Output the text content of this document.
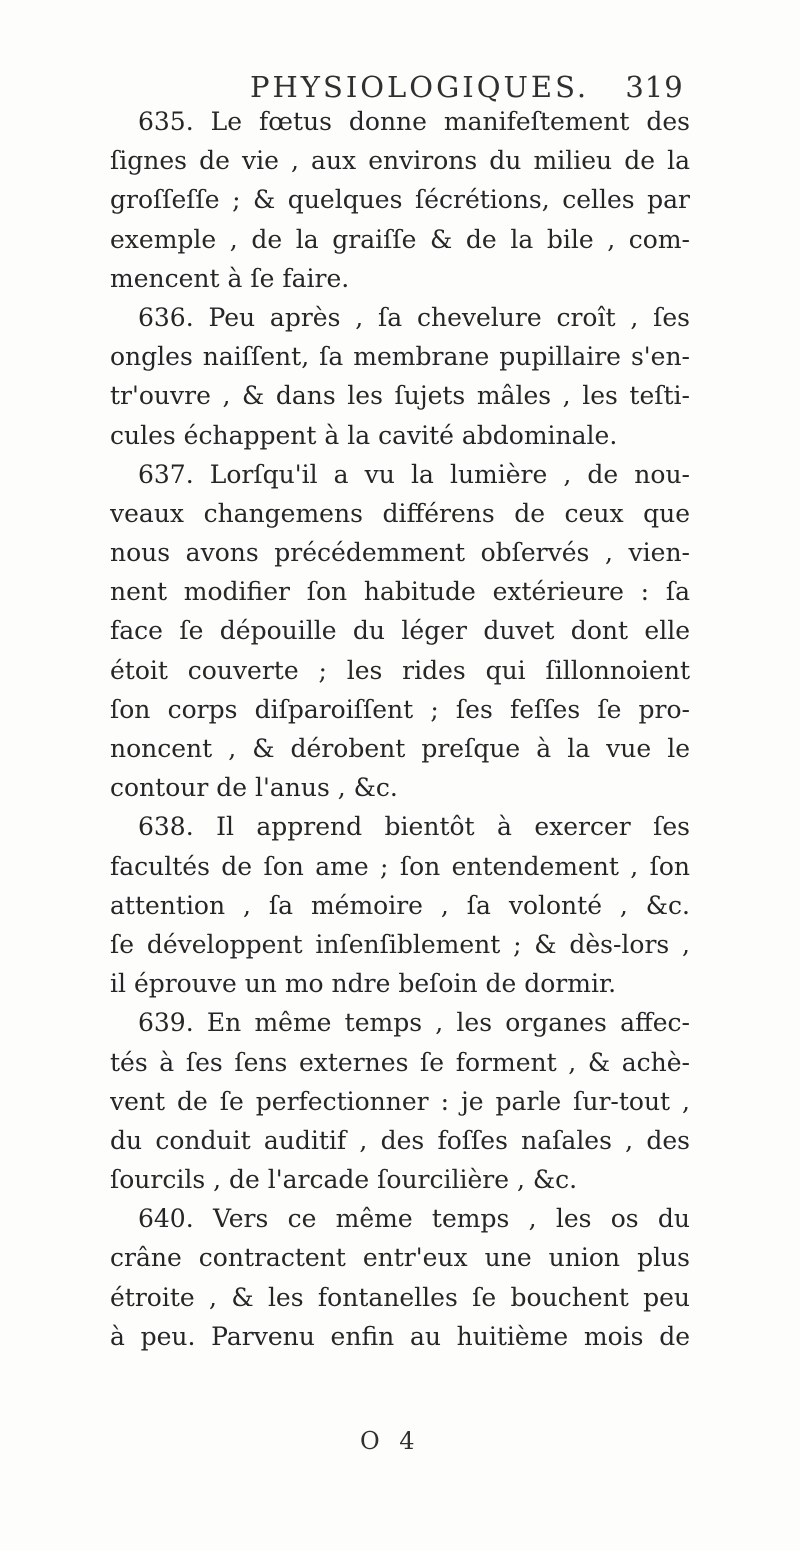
PHYSIOLOGIQUES. 319
635. Le fœtus donne manifeſtement des
ſignes de vie , aux environs du milieu de la
groſſeſſe ; & quelques ſécrétions, celles par
exemple , de la graiſſe & de la bile , com-
mencent à ſe faire.
636. Peu après , ſa chevelure croît , ſes
ongles naiſſent, ſa membrane pupillaire s'en-
tr'ouvre , & dans les ſujets mâles , les teſti-
cules échappent à la cavité abdominale.
637. Lorſqu'il a vu la lumière , de nou-
veaux changemens différens de ceux que
nous avons précédemment obſervés , vien-
nent modifier ſon habitude extérieure : ſa
face ſe dépouille du léger duvet dont elle
étoit couverte ; les rides qui ſillonnoient
ſon corps diſparoiſſent ; ſes feſſes ſe pro-
noncent , & dérobent preſque à la vue le
contour de l'anus , &c.
638. Il apprend bientôt à exercer ſes
facultés de ſon ame ; ſon entendement , ſon
attention , ſa mémoire , ſa volonté , &c.
ſe développent inſenſiblement ; & dès-lors ,
il éprouve un mo ndre beſoin de dormir.
639. En même temps , les organes affec-
tés à ſes ſens externes ſe forment , & achè-
vent de ſe perfectionner : je parle ſur-tout ,
du conduit auditif , des foſſes naſales , des
ſourcils , de l'arcade ſourcilière , &c.
640. Vers ce même temps , les os du
crâne contractent entr'eux une union plus
étroite , & les fontanelles ſe bouchent peu
à peu. Parvenu enfin au huitième mois de
O 4
